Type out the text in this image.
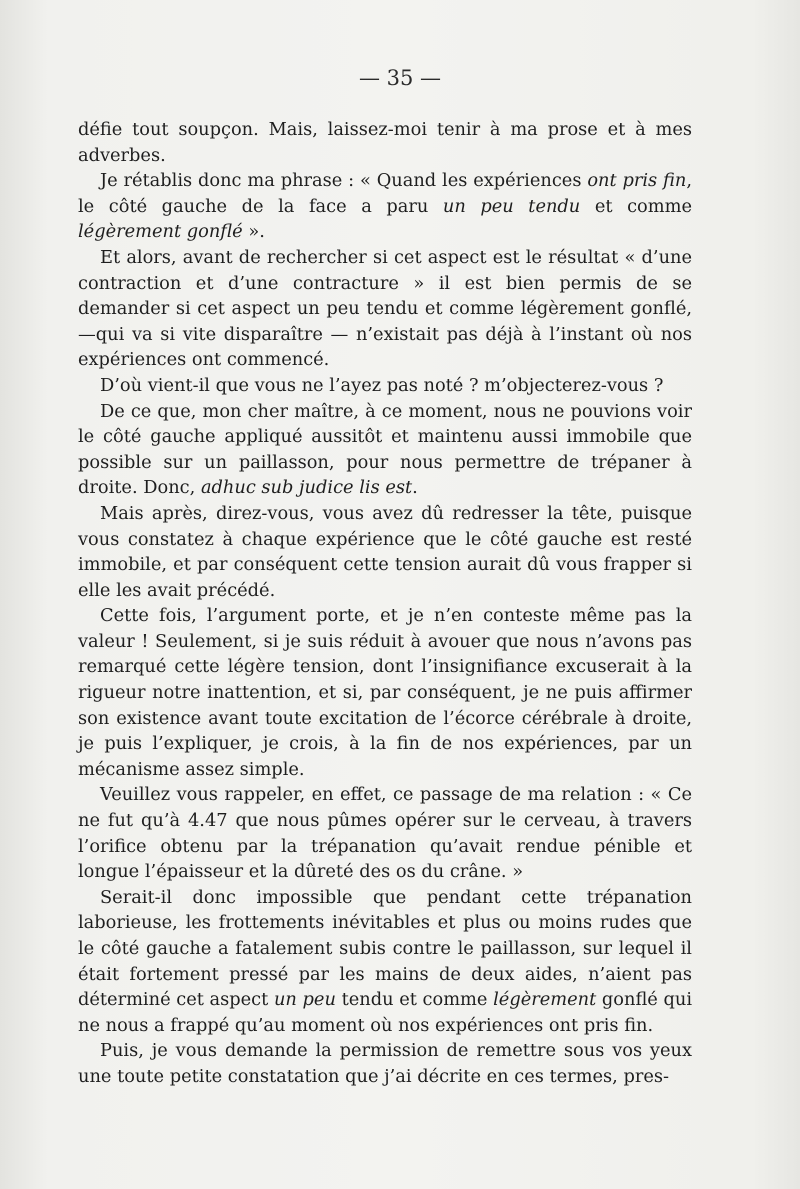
— 35 —

défie tout soupçon. Mais, laissez-moi tenir à ma prose et à mes adverbes.

Je rétablis donc ma phrase : « Quand les expériences ont pris fin, le côté gauche de la face a paru un peu tendu et comme légèrement gonflé ».

Et alors, avant de rechercher si cet aspect est le résultat « d’une contraction et d’une contracture » il est bien permis de se demander si cet aspect un peu tendu et comme légèrement gonflé,—qui va si vite disparaître — n’existait pas déjà à l’instant où nos expériences ont commencé.

D’où vient-il que vous ne l’ayez pas noté ? m’objecterez-vous ?

De ce que, mon cher maître, à ce moment, nous ne pouvions voir le côté gauche appliqué aussitôt et maintenu aussi immobile que possible sur un paillasson, pour nous permettre de trépaner à droite. Donc, adhuc sub judice lis est.

Mais après, direz-vous, vous avez dû redresser la tête, puisque vous constatez à chaque expérience que le côté gauche est resté immobile, et par conséquent cette tension aurait dû vous frapper si elle les avait précédé.

Cette fois, l’argument porte, et je n’en conteste même pas la valeur ! Seulement, si je suis réduit à avouer que nous n’avons pas remarqué cette légère tension, dont l’insignifiance excuserait à la rigueur notre inattention, et si, par conséquent, je ne puis affirmer son existence avant toute excitation de l’écorce cérébrale à droite, je puis l’expliquer, je crois, à la fin de nos expériences, par un mécanisme assez simple.

Veuillez vous rappeler, en effet, ce passage de ma relation : « Ce ne fut qu’à 4.47 que nous pûmes opérer sur le cerveau, à travers l’orifice obtenu par la trépanation qu’avait rendue pénible et longue l’épaisseur et la dûreté des os du crâne. »

Serait-il donc impossible que pendant cette trépanation laborieuse, les frottements inévitables et plus ou moins rudes que le côté gauche a fatalement subis contre le paillasson, sur lequel il était fortement pressé par les mains de deux aides, n’aient pas déterminé cet aspect un peu tendu et comme légèrement gonflé qui ne nous a frappé qu’au moment où nos expériences ont pris fin.

Puis, je vous demande la permission de remettre sous vos yeux une toute petite constatation que j’ai décrite en ces termes, pres-
